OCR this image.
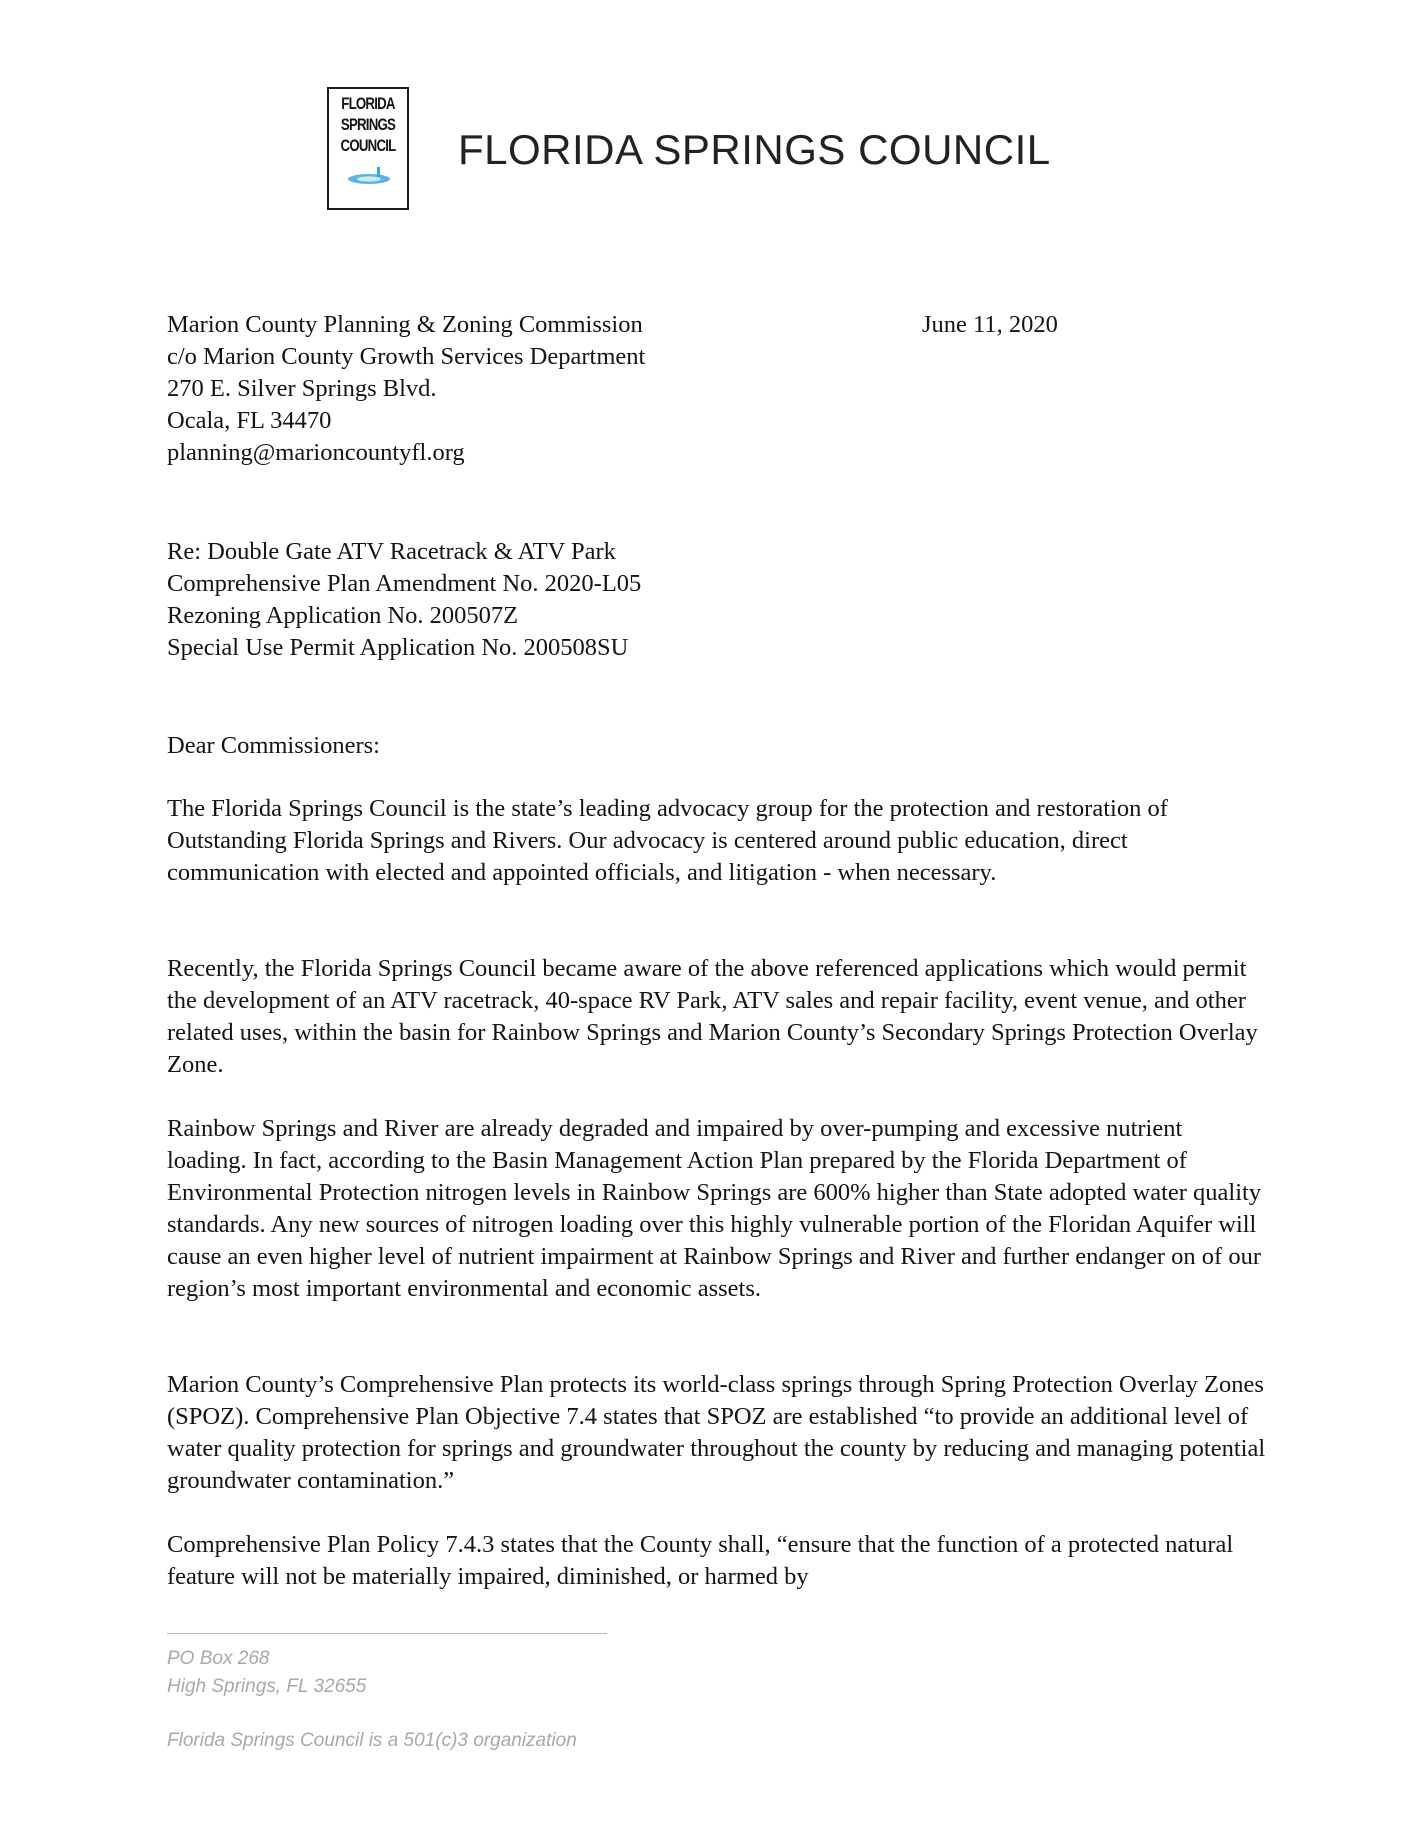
FLORIDA
SPRINGS
COUNCIL FLORIDA SPRINGS COUNCIL
Marion County Planning & Zoning Commission
c/o Marion County Growth Services Department
270 E. Silver Springs Blvd.
Ocala, FL 34470
planning@marioncountyfl.org
June 11, 2020
Re: Double Gate ATV Racetrack & ATV Park
Comprehensive Plan Amendment No. 2020-L05
Rezoning Application No. 200507Z
Special Use Permit Application No. 200508SU
Dear Commissioners:

The Florida Springs Council is the state’s leading advocacy group for the protection and restoration of Outstanding Florida Springs and Rivers. Our advocacy is centered around public education, direct communication with elected and appointed officials, and litigation - when necessary.

Recently, the Florida Springs Council became aware of the above referenced applications which would permit the development of an ATV racetrack, 40-space RV Park, ATV sales and repair facility, event venue, and other related uses, within the basin for Rainbow Springs and Marion County’s Secondary Springs Protection Overlay Zone.

Rainbow Springs and River are already degraded and impaired by over-pumping and excessive nutrient loading. In fact, according to the Basin Management Action Plan prepared by the Florida Department of Environmental Protection nitrogen levels in Rainbow Springs are 600% higher than State adopted water quality standards. Any new sources of nitrogen loading over this highly vulnerable portion of the Floridan Aquifer will cause an even higher level of nutrient impairment at Rainbow Springs and River and further endanger on of our region’s most important environmental and economic assets.

Marion County’s Comprehensive Plan protects its world-class springs through Spring Protection Overlay Zones (SPOZ). Comprehensive Plan Objective 7.4 states that SPOZ are established “to provide an additional level of water quality protection for springs and groundwater throughout the county by reducing and managing potential groundwater contamination.”

Comprehensive Plan Policy 7.4.3 states that the County shall, “ensure that the function of a protected natural feature will not be materially impaired, diminished, or harmed by

PO Box 268
High Springs, FL 32655
Florida Springs Council is a 501(c)3 organization
